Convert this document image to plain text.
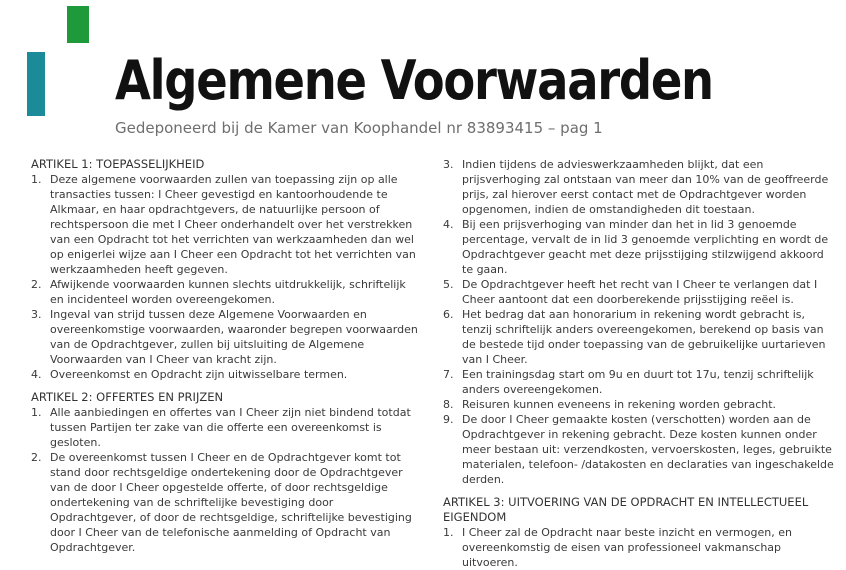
Algemene Voorwaarden
Gedeponeerd bij de Kamer van Koophandel nr 83893415 – pag 1
ARTIKEL 1: TOEPASSELIJKHEID
1. Deze algemene voorwaarden zullen van toepassing zijn op alle transacties tussen: I Cheer gevestigd en kantoorhoudende te Alkmaar, en haar opdrachtgevers, de natuurlijke persoon of rechtspersoon die met I Cheer onderhandelt over het verstrekken van een Opdracht tot het verrichten van werkzaamheden dan wel op enigerlei wijze aan I Cheer een Opdracht tot het verrichten van werkzaamheden heeft gegeven.
2. Afwijkende voorwaarden kunnen slechts uitdrukkelijk, schriftelijk en incidenteel worden overeengekomen.
3. Ingeval van strijd tussen deze Algemene Voorwaarden en overeenkomstige voorwaarden, waaronder begrepen voorwaarden van de Opdrachtgever, zullen bij uitsluiting de Algemene Voorwaarden van I Cheer van kracht zijn.
4. Overeenkomst en Opdracht zijn uitwisselbare termen.
ARTIKEL 2: OFFERTES EN PRIJZEN
1. Alle aanbiedingen en offertes van I Cheer zijn niet bindend totdat tussen Partijen ter zake van die offerte een overeenkomst is gesloten.
2. De overeenkomst tussen I Cheer en de Opdrachtgever komt tot stand door rechtsgeldige ondertekening door de Opdrachtgever van de door I Cheer opgestelde offerte, of door rechtsgeldige ondertekening van de schriftelijke bevestiging door Opdrachtgever, of door de rechtsgeldige, schriftelijke bevestiging door I Cheer van de telefonische aanmelding of Opdracht van Opdrachtgever.
3. Indien tijdens de advieswerkzaamheden blijkt, dat een prijsverhoging zal ontstaan van meer dan 10% van de geoffreerde prijs, zal hierover eerst contact met de Opdrachtgever worden opgenomen, indien de omstandigheden dit toestaan.
4. Bij een prijsverhoging van minder dan het in lid 3 genoemde percentage, vervalt de in lid 3 genoemde verplichting en wordt de Opdrachtgever geacht met deze prijsstijging stilzwijgend akkoord te gaan.
5. De Opdrachtgever heeft het recht van I Cheer te verlangen dat I Cheer aantoont dat een doorberekende prijsstijging reëel is.
6. Het bedrag dat aan honorarium in rekening wordt gebracht is, tenzij schriftelijk anders overeengekomen, berekend op basis van de bestede tijd onder toepassing van de gebruikelijke uurtarieven van I Cheer.
7. Een trainingsdag start om 9u en duurt tot 17u, tenzij schriftelijk anders overeengekomen.
8. Reisuren kunnen eveneens in rekening worden gebracht.
9. De door I Cheer gemaakte kosten (verschotten) worden aan de Opdrachtgever in rekening gebracht. Deze kosten kunnen onder meer bestaan uit: verzendkosten, vervoerskosten, leges, gebruikte materialen, telefoon- /datakosten en declaraties van ingeschakelde derden.
ARTIKEL 3: UITVOERING VAN DE OPDRACHT EN INTELLECTUEEL EIGENDOM
1. I Cheer zal de Opdracht naar beste inzicht en vermogen, en overeenkomstig de eisen van professioneel vakmanschap uitvoeren.
